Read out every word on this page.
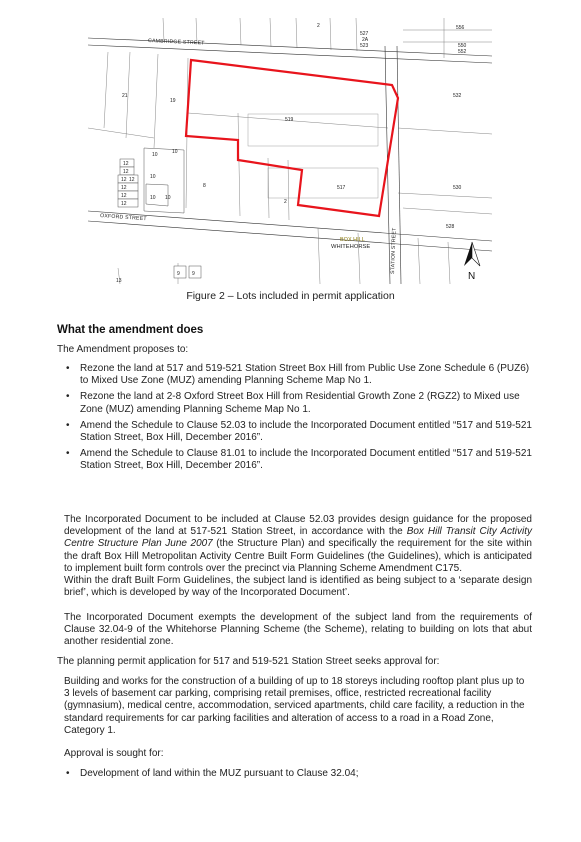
CAMBRIDGE STREET
OXFORD STREET
STATION STREET
BOX HILL
WHITEHORSE
556
550
552
527
2A
523
532
21
19
519
530
517
528
2
8
10	10
10
12
12
12 12
12
12
12
10 10
9 9
13
2
N
Figure 2 – Lots included in permit application
What the amendment does

The Amendment proposes to:

• Rezone the land at 517 and 519-521 Station Street Box Hill from Public Use Zone Schedule 6 (PUZ6) to Mixed Use Zone (MUZ) amending Planning Scheme Map No 1.
• Rezone the land at 2-8 Oxford Street Box Hill from Residential Growth Zone 2 (RGZ2) to Mixed use Zone (MUZ) amending Planning Scheme Map No 1.
• Amend the Schedule to Clause 52.03 to include the Incorporated Document entitled “517 and 519-521 Station Street, Box Hill, December 2016”.
• Amend the Schedule to Clause 81.01 to include the Incorporated Document entitled “517 and 519-521 Station Street, Box Hill, December 2016”.

The Incorporated Document to be included at Clause 52.03 provides design guidance for the proposed development of the land at 517-521 Station Street, in accordance with the Box Hill Transit City Activity Centre Structure Plan June 2007 (the Structure Plan) and specifically the requirement for the site within the draft Box Hill Metropolitan Activity Centre Built Form Guidelines (the Guidelines), which is anticipated to implement built form controls over the precinct via Planning Scheme Amendment C175.

Within the draft Built Form Guidelines, the subject land is identified as being subject to a ‘separate design brief’, which is developed by way of the Incorporated Document’.

The Incorporated Document exempts the development of the subject land from the requirements of Clause 32.04-9 of the Whitehorse Planning Scheme (the Scheme), relating to building on lots that abut another residential zone.

The planning permit application for 517 and 519-521 Station Street seeks approval for:

Building and works for the construction of a building of up to 18 storeys including rooftop plant plus up to 3 levels of basement car parking, comprising retail premises, office, restricted recreational facility (gymnasium), medical centre, accommodation, serviced apartments, child care facility, a reduction in the standard requirements for car parking facilities and alteration of access to a road in a Road Zone, Category 1.

Approval is sought for:

• Development of land within the MUZ pursuant to Clause 32.04;
